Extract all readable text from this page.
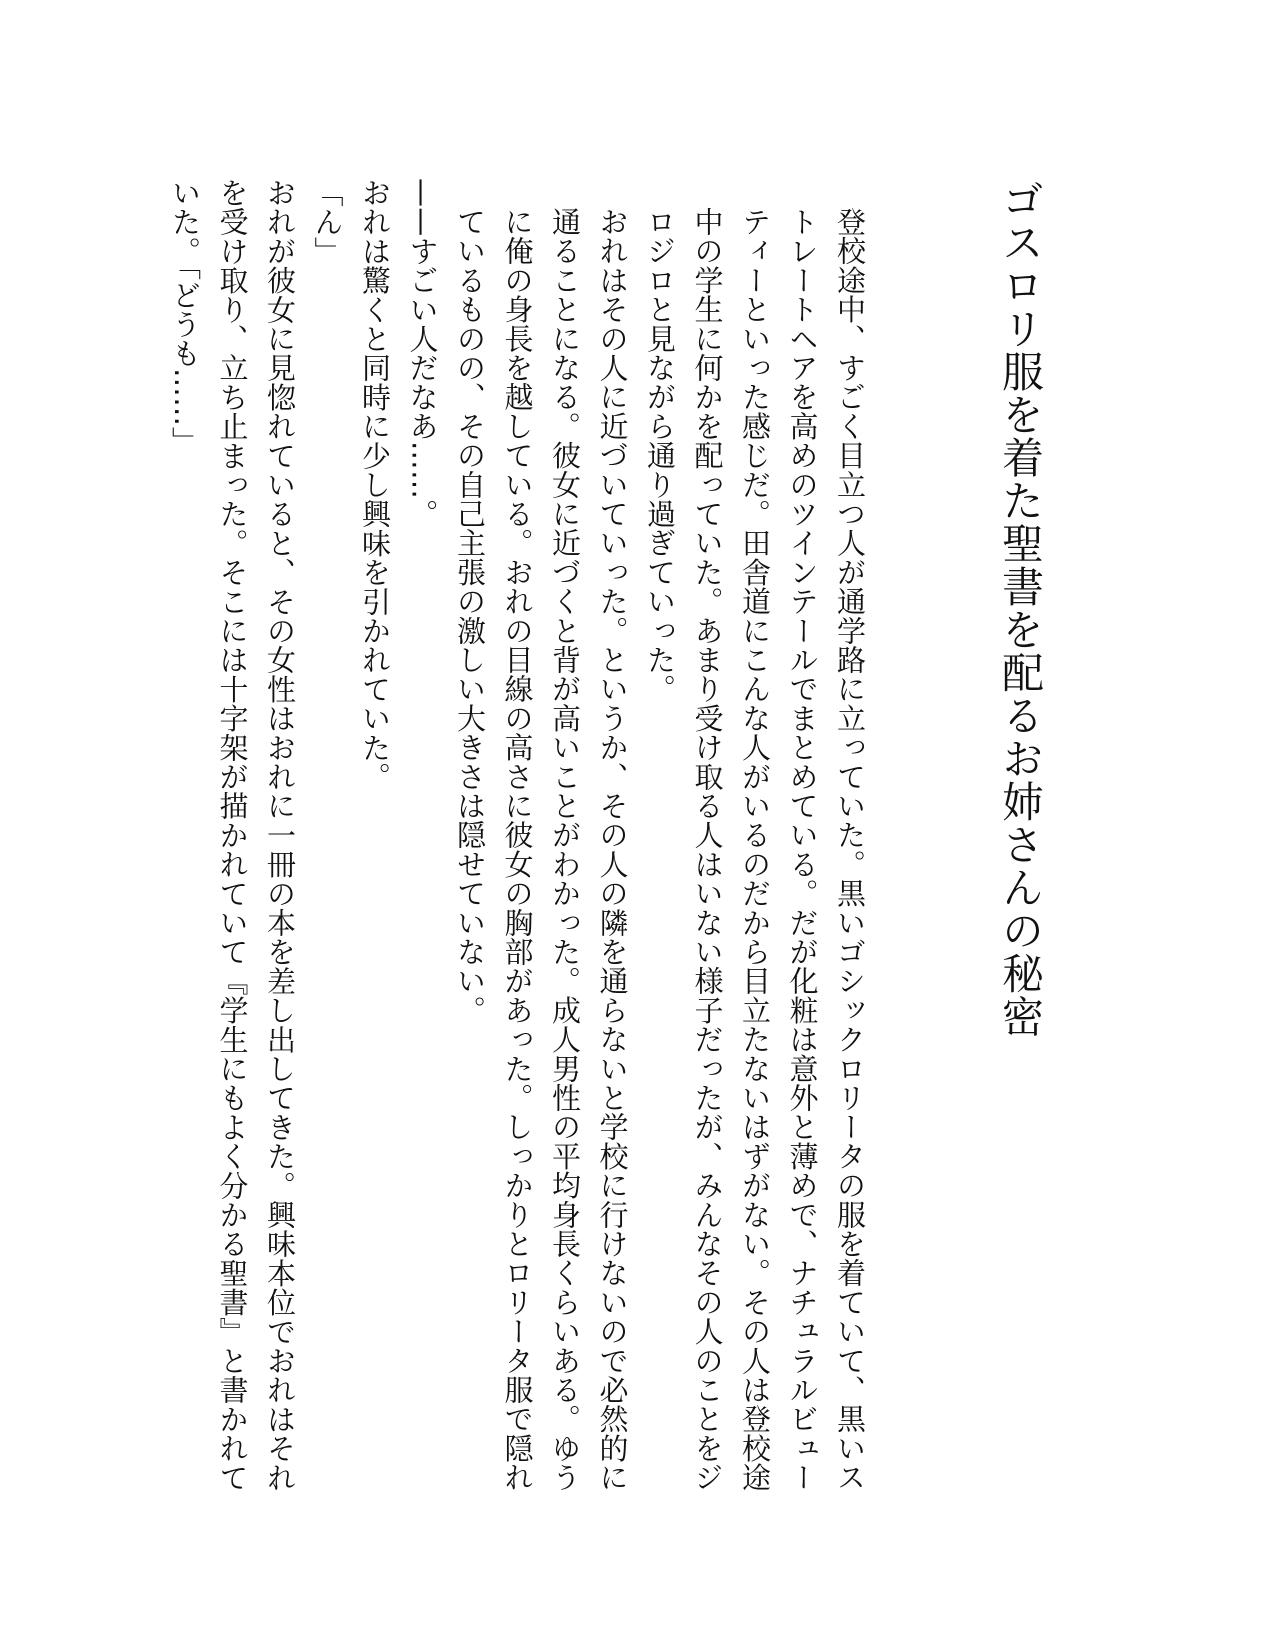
ゴスロリ服を着た聖書を配るお姉さんの秘密

登校途中、すごく目立つ人が通学路に立っていた。黒いゴシックロリータの服を着ていて、黒いストレートヘアを高めのツインテールでまとめている。だが化粧は意外と薄めで、ナチュラルビューティーといった感じだ。田舎道にこんな人がいるのだから目立たないはずがない。その人は登校途中の学生に何かを配っていた。あまり受け取る人はいない様子だったが、みんなその人のことをジロジロと見ながら通り過ぎていった。

おれはその人に近づいていった。というか、その人の隣を通らないと学校に行けないので必然的に通ることになる。彼女に近づくと背が高いことがわかった。成人男性の平均身長くらいある。ゆうに俺の身長を越している。おれの目線の高さに彼女の胸部があった。しっかりとロリータ服で隠れているものの、その自己主張の激しい大きさは隠せていない。

——すごい人だなあ……。

おれは驚くと同時に少し興味を引かれていた。

「ん」

おれが彼女に見惚れていると、その女性はおれに一冊の本を差し出してきた。興味本位でおれはそれを受け取り、立ち止まった。そこには十字架が描かれていて『学生にもよく分かる聖書』と書かれていた。「どうも……」
